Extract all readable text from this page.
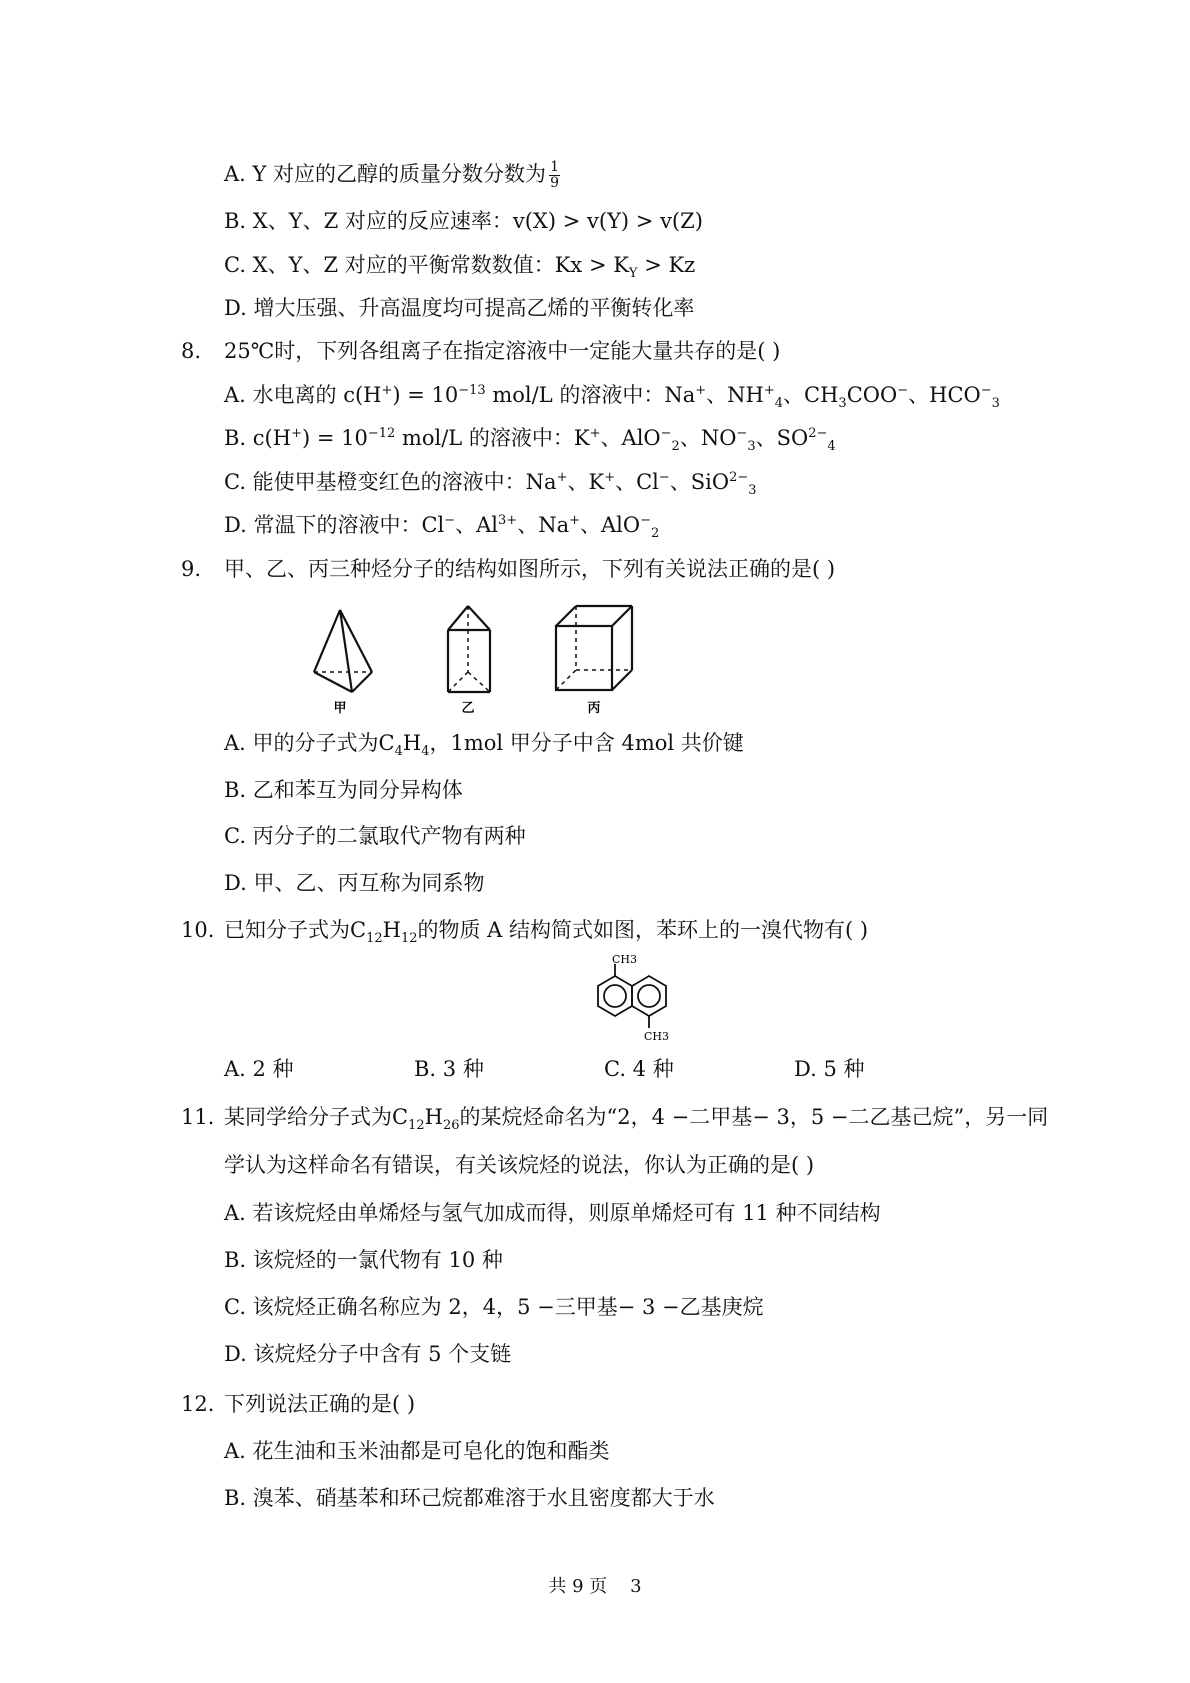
A. Y 对应的乙醇的质量分数分数为 $\frac{1}{9}$
B. X、Y、Z 对应的反应速率：v(X) > v(Y) > v(Z)
C. X、Y、Z 对应的平衡常数数值：$Kx > K_Y > Kz$
D. 增大压强、升高温度均可提高乙烯的平衡转化率
8. 25℃时，下列各组离子在指定溶液中一定能大量共存的是( )
A. 水电离的 $c(H^+) = 10^{-13}$ mol/L 的溶液中：Na+、$NH^+_4$、$CH_3COO^-$、$HCO^-_3$
B. $c(H^+) = 10^{-12}$ mol/L 的溶液中：K+、AlO−$_2$、$NO^-_3$、$SO^{2-}_4$
C. 能使甲基橙变红色的溶液中：Na+、K+、Cl−、SiO$^{2-}_3$
D. 常温下的溶液中：Cl−、$Al^{3+}$、Na+、AlO−$_2$
9. 甲、乙、丙三种烃分子的结构如图所示，下列有关说法正确的是( )
甲	乙	丙
A. 甲的分子式为$C_4H_4$，1mol 甲分子中含 4mol 共价键
B. 乙和苯互为同分异构体
C. 丙分子的二氯取代产物有两种
D. 甲、乙、丙互称为同系物
10. 已知分子式为$C_{12}H_{12}$的物质 A 结构简式如图，苯环上的一溴代物有( )
CH3
CH3
A. 2 种	B. 3 种	C. 4 种	D. 5 种
11. 某同学给分子式为$C_{12}H_{26}$的某烷烃命名为“2，4 −二甲基− 3，5 −二乙基己烷”，另一同
学认为这样命名有错误，有关该烷烃的说法，你认为正确的是( )
A. 若该烷烃由单烯烃与氢气加成而得，则原单烯烃可有 11 种不同结构
B. 该烷烃的一氯代物有 10 种
C. 该烷烃正确名称应为 2，4，5 −三甲基− 3 −乙基庚烷
D. 该烷烃分子中含有 5 个支链
12. 下列说法正确的是( )
A. 花生油和玉米油都是可皂化的饱和酯类
B. 溴苯、硝基苯和环己烷都难溶于水且密度都大于水
共 9 页 3
